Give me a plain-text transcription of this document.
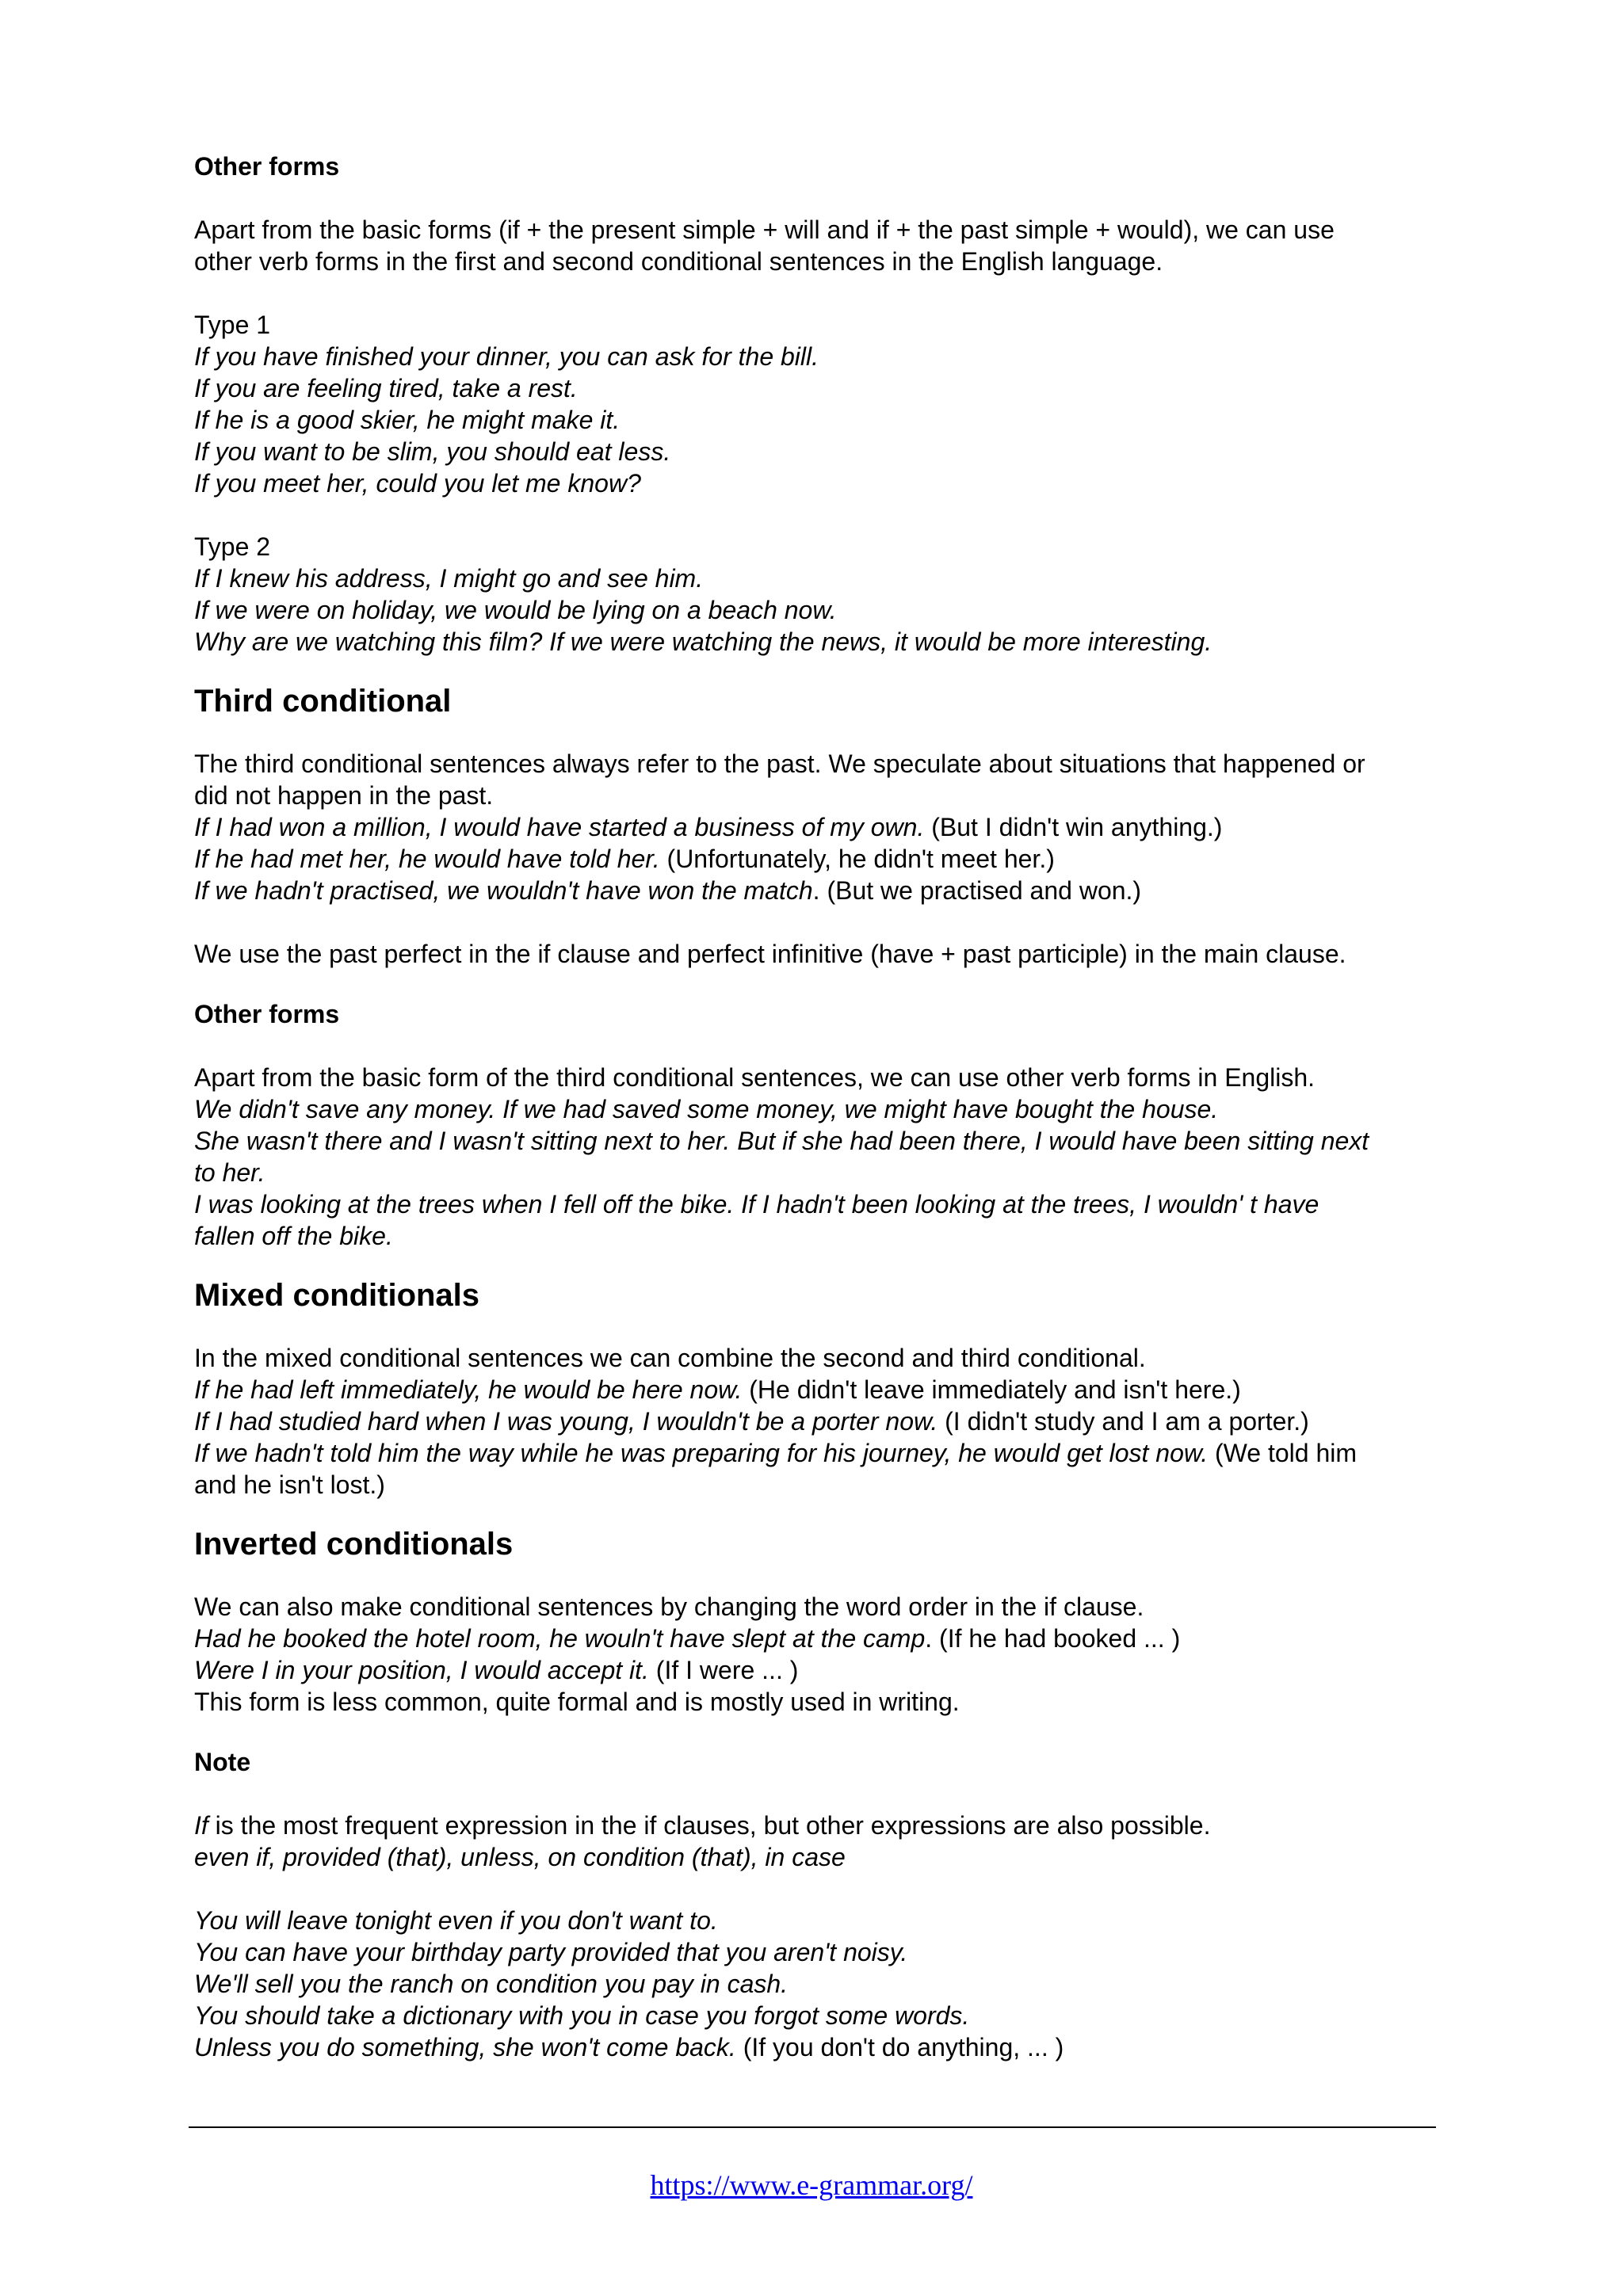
Other forms

Apart from the basic forms (if + the present simple + will and if + the past simple + would), we can use

other verb forms in the first and second conditional sentences in the English language.

Type 1

If you have finished your dinner, you can ask for the bill.

If you are feeling tired, take a rest.

If he is a good skier, he might make it.

If you want to be slim, you should eat less.

If you meet her, could you let me know?

Type 2

If I knew his address, I might go and see him.

If we were on holiday, we would be lying on a beach now.

Why are we watching this film? If we were watching the news, it would be more interesting.

Third conditional

The third conditional sentences always refer to the past. We speculate about situations that happened or

did not happen in the past.

If I had won a million, I would have started a business of my own. (But I didn't win anything.)

If he had met her, he would have told her. (Unfortunately, he didn't meet her.)

If we hadn't practised, we wouldn't have won the match. (But we practised and won.)

We use the past perfect in the if clause and perfect infinitive (have + past participle) in the main clause.

Other forms

Apart from the basic form of the third conditional sentences, we can use other verb forms in English.

We didn't save any money. If we had saved some money, we might have bought the house.

She wasn't there and I wasn't sitting next to her. But if she had been there, I would have been sitting next

to her.

I was looking at the trees when I fell off the bike. If I hadn't been looking at the trees, I wouldn' t have

fallen off the bike.

Mixed conditionals

In the mixed conditional sentences we can combine the second and third conditional.

If he had left immediately, he would be here now. (He didn't leave immediately and isn't here.)

If I had studied hard when I was young, I wouldn't be a porter now. (I didn't study and I am a porter.)

If we hadn't told him the way while he was preparing for his journey, he would get lost now. (We told him

and he isn't lost.)

Inverted conditionals

We can also make conditional sentences by changing the word order in the if clause.

Had he booked the hotel room, he wouln't have slept at the camp. (If he had booked ... )

Were I in your position, I would accept it. (If I were ... )

This form is less common, quite formal and is mostly used in writing.

Note

If is the most frequent expression in the if clauses, but other expressions are also possible.

even if, provided (that), unless, on condition (that), in case

You will leave tonight even if you don't want to.

You can have your birthday party provided that you aren't noisy.

We'll sell you the ranch on condition you pay in cash.

You should take a dictionary with you in case you forgot some words.

Unless you do something, she won't come back. (If you don't do anything, ... )

https://www.e-grammar.org/
